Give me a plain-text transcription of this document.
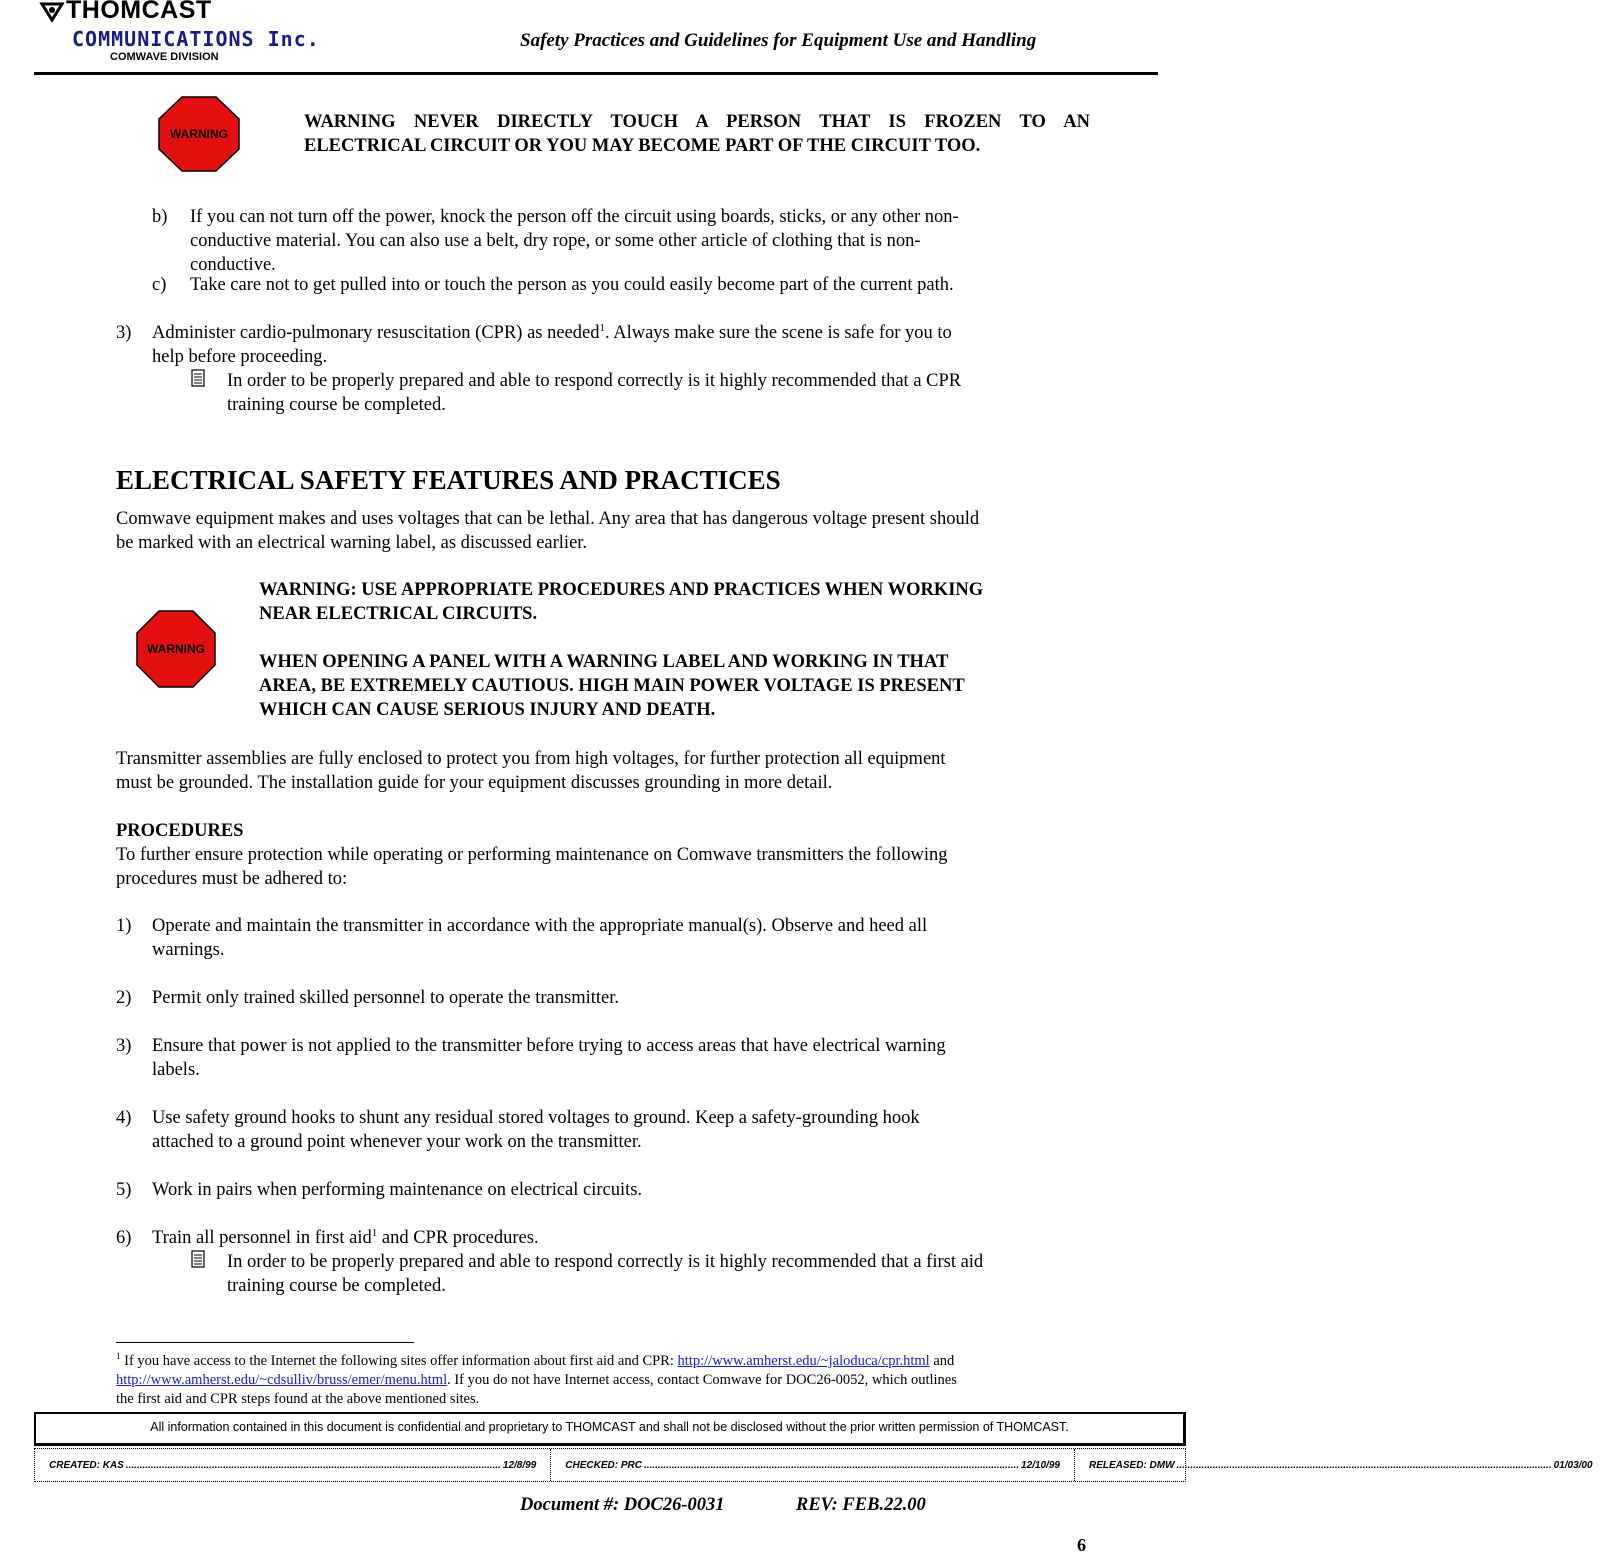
THOMCAST
COMMUNICATIONS Inc.
COMWAVE DIVISION
Safety Practices and Guidelines for Equipment Use and Handling
WARNING
WARNING NEVER DIRECTLY TOUCH A PERSON THAT IS FROZEN TO AN
ELECTRICAL CIRCUIT OR YOU MAY BECOME PART OF THE CIRCUIT TOO.
b) If you can not turn off the power, knock the person off the circuit using boards, sticks, or any other non-
conductive material. You can also use a belt, dry rope, or some other article of clothing that is non-
conductive.
c) Take care not to get pulled into or touch the person as you could easily become part of the current path.
3) Administer cardio-pulmonary resuscitation (CPR) as needed$^1$. Always make sure the scene is safe for you to
help before proceeding.
In order to be properly prepared and able to respond correctly is it highly recommended that a CPR
training course be completed.
ELECTRICAL SAFETY FEATURES AND PRACTICES
Comwave equipment makes and uses voltages that can be lethal. Any area that has dangerous voltage present should
be marked with an electrical warning label, as discussed earlier.
WARNING
WARNING: USE APPROPRIATE PROCEDURES AND PRACTICES WHEN WORKING
NEAR ELECTRICAL CIRCUITS.
WHEN OPENING A PANEL WITH A WARNING LABEL AND WORKING IN THAT
AREA, BE EXTREMELY CAUTIOUS. HIGH MAIN POWER VOLTAGE IS PRESENT
WHICH CAN CAUSE SERIOUS INJURY AND DEATH.
Transmitter assemblies are fully enclosed to protect you from high voltages, for further protection all equipment
must be grounded. The installation guide for your equipment discusses grounding in more detail.
PROCEDURES
To further ensure protection while operating or performing maintenance on Comwave transmitters the following
procedures must be adhered to:
1) Operate and maintain the transmitter in accordance with the appropriate manual(s). Observe and heed all
warnings.
2) Permit only trained skilled personnel to operate the transmitter.
3) Ensure that power is not applied to the transmitter before trying to access areas that have electrical warning
labels.
4) Use safety ground hooks to shunt any residual stored voltages to ground. Keep a safety-grounding hook
attached to a ground point whenever your work on the transmitter.
5) Work in pairs when performing maintenance on electrical circuits.
6) Train all personnel in first aid$^1$ and CPR procedures.
In order to be properly prepared and able to respond correctly is it highly recommended that a first aid
training course be completed.
$^1$ If you have access to the Internet the following sites offer information about first aid and CPR: http://www.amherst.edu/~jaloduca/cpr.html and
http://www.amherst.edu/~cdsulliv/bruss/emer/menu.html. If you do not have Internet access, contact Comwave for DOC26-0052, which outlines
the first aid and CPR steps found at the above mentioned sites.
All information contained in this document is confidential and proprietary to THOMCAST and shall not be disclosed without the prior written permission of THOMCAST.
CREATED: KAS ....................................................................................................................................... 12/8/99	CHECKED: PRC ....................................................................................................................................... 12/10/99	RELEASED: DMW ....................................................................................................................................... 01/03/00
Document #: DOC26-0031	REV: FEB.22.00
6
